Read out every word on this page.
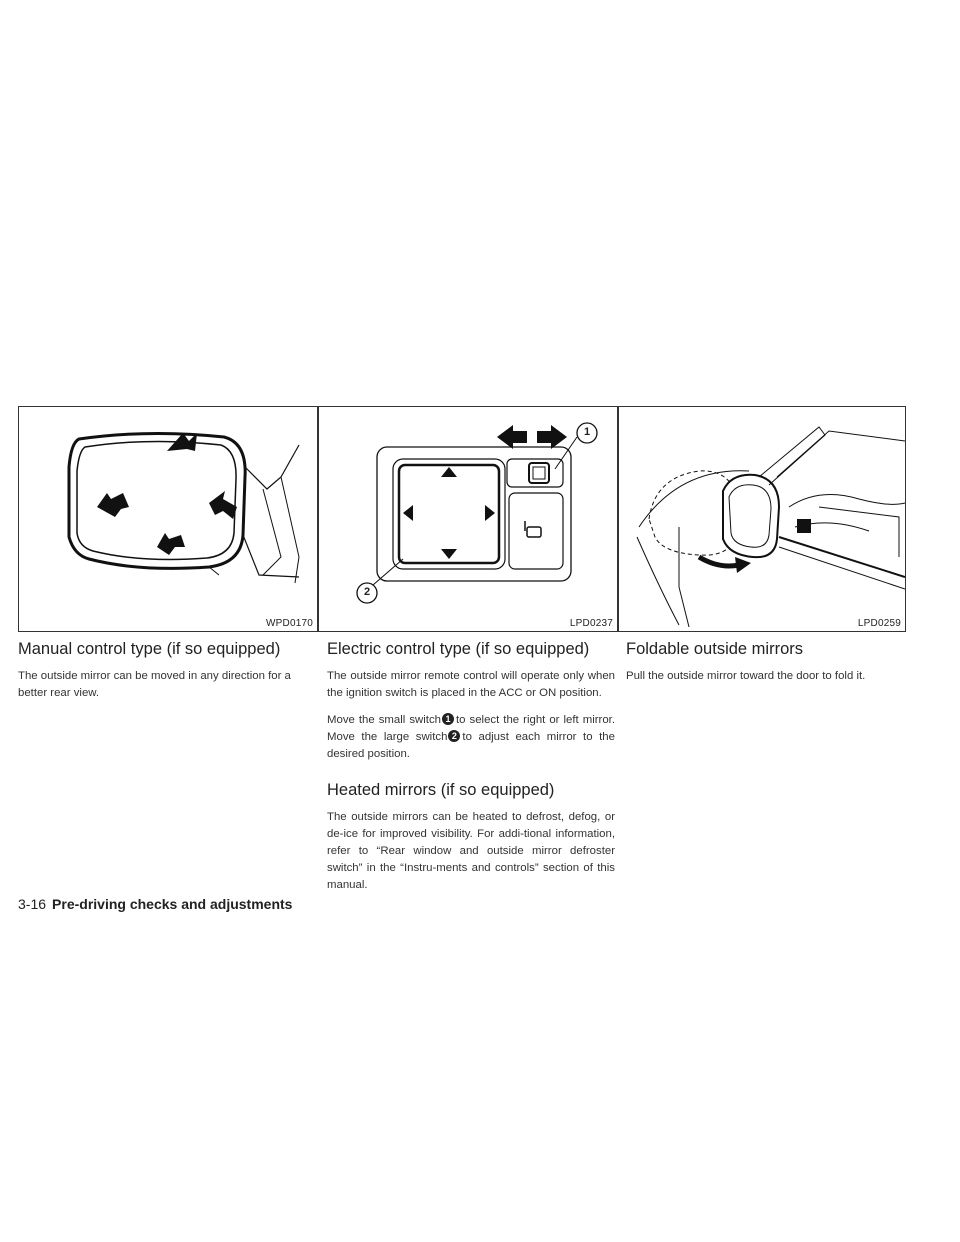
WPD0170
1
2
LPD0237	LPD0259
Manual control type (if so equipped)

The outside mirror can be moved in any direction for a better rear view.

Electric control type (if so equipped)

The outside mirror remote control will operate only when the ignition switch is placed in the ACC or ON position.

Move the small switch 1 to select the right or left mirror. Move the large switch 2 to adjust each mirror to the desired position.

Heated mirrors (if so equipped)

The outside mirrors can be heated to defrost, defog, or de-ice for improved visibility. For addi-tional information, refer to “Rear window and outside mirror defroster switch” in the “Instru-ments and controls” section of this manual.

Foldable outside mirrors

Pull the outside mirror toward the door to fold it.

3-16 Pre-driving checks and adjustments
